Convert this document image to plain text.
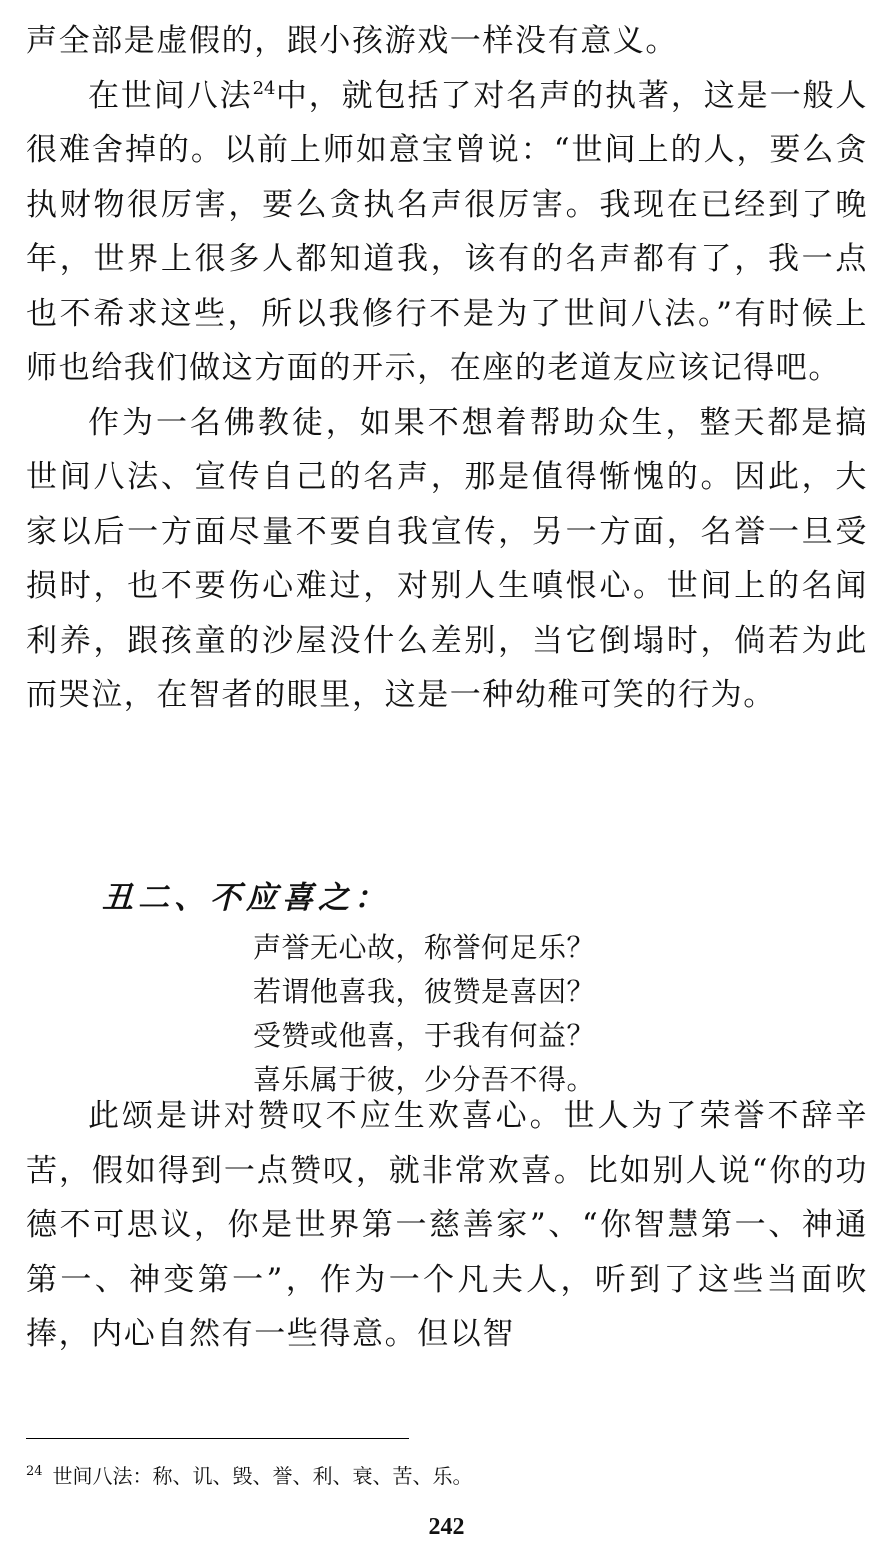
声全部是虚假的，跟小孩游戏一样没有意义。

在世间八法$^{24}$中，就包括了对名声的执著，这是一般人很难舍掉的。以前上师如意宝曾说：“世间上的人，要么贪执财物很厉害，要么贪执名声很厉害。我现在已经到了晚年，世界上很多人都知道我，该有的名声都有了，我一点也不希求这些，所以我修行不是为了世间八法。”有时候上师也给我们做这方面的开示，在座的老道友应该记得吧。

作为一名佛教徒，如果不想着帮助众生，整天都是搞世间八法、宣传自己的名声，那是值得惭愧的。因此，大家以后一方面尽量不要自我宣传，另一方面，名誉一旦受损时，也不要伤心难过，对别人生嗔恨心。世间上的名闻利养，跟孩童的沙屋没什么差别，当它倒塌时，倘若为此而哭泣，在智者的眼里，这是一种幼稚可笑的行为。

丑二、不应喜之：

声誉无心故，称誉何足乐？
若谓他喜我，彼赞是喜因？
受赞或他喜，于我有何益？
喜乐属于彼，少分吾不得。

此颂是讲对赞叹不应生欢喜心。世人为了荣誉不辞辛苦，假如得到一点赞叹，就非常欢喜。比如别人说“你的功德不可思议，你是世界第一慈善家”、“你智慧第一、神通第一、神变第一”，作为一个凡夫人，听到了这些当面吹捧，内心自然有一些得意。但以智

$^{24}$ 世间八法：称、讥、毁、誉、利、衰、苦、乐。
242
